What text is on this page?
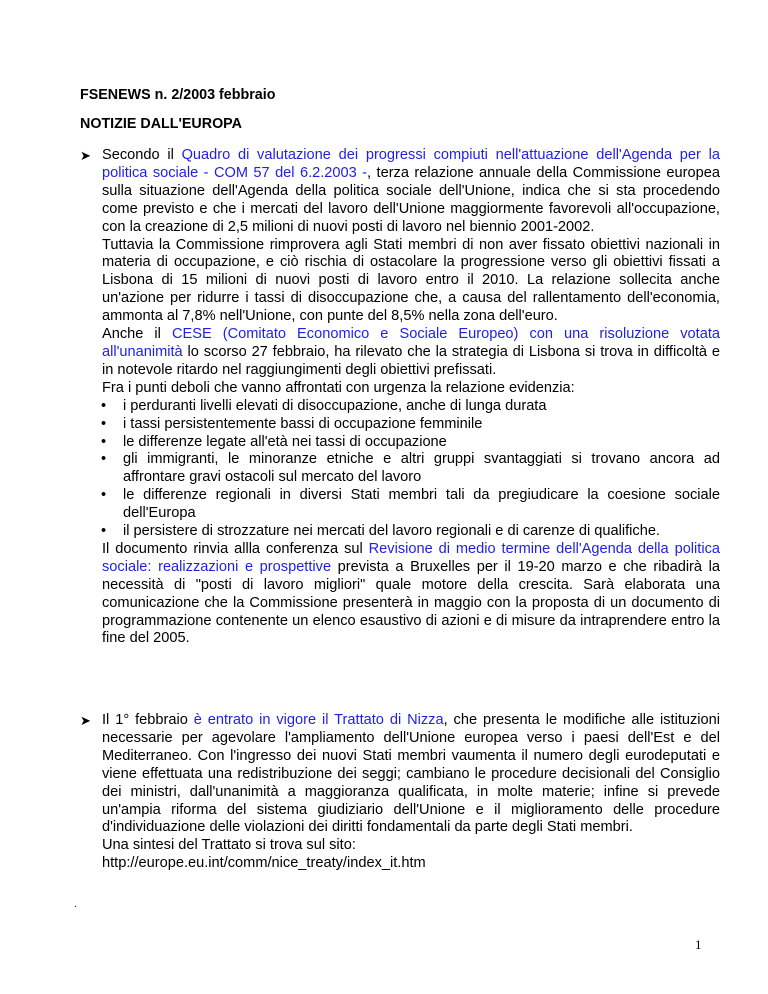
FSENEWS n. 2/2003 febbraio
NOTIZIE DALL'EUROPA
➤ Secondo il Quadro di valutazione dei progressi compiuti nell'attuazione dell'Agenda per la politica sociale - COM 57 del 6.2.2003 -, terza relazione annuale della Commissione europea sulla situazione dell'Agenda della politica sociale dell'Unione, indica che si sta procedendo come previsto e che i mercati del lavoro dell'Unione maggiormente favorevoli all'occupazione, con la creazione di 2,5 milioni di nuovi posti di lavoro nel biennio 2001-2002.
Tuttavia la Commissione rimprovera agli Stati membri di non aver fissato obiettivi nazionali in materia di occupazione, e ciò rischia di ostacolare la progressione verso gli obiettivi fissati a Lisbona di 15 milioni di nuovi posti di lavoro entro il 2010. La relazione sollecita anche un'azione per ridurre i tassi di disoccupazione che, a causa del rallentamento dell'economia, ammonta al 7,8% nell'Unione, con punte del 8,5% nella zona dell'euro.
Anche il CESE (Comitato Economico e Sociale Europeo) con una risoluzione votata all'unanimità lo scorso 27 febbraio, ha rilevato che la strategia di Lisbona si trova in difficoltà e in notevole ritardo nel raggiungimenti degli obiettivi prefissati.
Fra i punti deboli che vanno affrontati con urgenza la relazione evidenzia:
• i perduranti livelli elevati di disoccupazione, anche di lunga durata
• i tassi persistentemente bassi di occupazione femminile
• le differenze legate all'età nei tassi di occupazione
• gli immigranti, le minoranze etniche e altri gruppi svantaggiati si trovano ancora ad affrontare gravi ostacoli sul mercato del lavoro
• le differenze regionali in diversi Stati membri tali da pregiudicare la coesione sociale dell'Europa
• il persistere di strozzature nei mercati del lavoro regionali e di carenze di qualifiche.
Il documento rinvia allla conferenza sul Revisione di medio termine dell'Agenda della politica sociale: realizzazioni e prospettive prevista a Bruxelles per il 19-20 marzo e che ribadirà la necessità di "posti di lavoro migliori" quale motore della crescita. Sarà elaborata una comunicazione che la Commissione presenterà in maggio con la proposta di un documento di programmazione contenente un elenco esaustivo di azioni e di misure da intraprendere entro la fine del 2005.
➤ Il 1° febbraio è entrato in vigore il Trattato di Nizza, che presenta le modifiche alle istituzioni necessarie per agevolare l'ampliamento dell'Unione europea verso i paesi dell'Est e del Mediterraneo. Con l'ingresso dei nuovi Stati membri vaumenta il numero degli eurodeputati e viene effettuata una redistribuzione dei seggi; cambiano le procedure decisionali del Consiglio dei ministri, dall'unanimità a maggioranza qualificata, in molte materie; infine si prevede un'ampia riforma del sistema giudiziario dell'Unione e il miglioramento delle procedure d'individuazione delle violazioni dei diritti fondamentali da parte degli Stati membri.
Una sintesi del Trattato si trova sul sito:
http://europe.eu.int/comm/nice_treaty/index_it.htm
.
1
